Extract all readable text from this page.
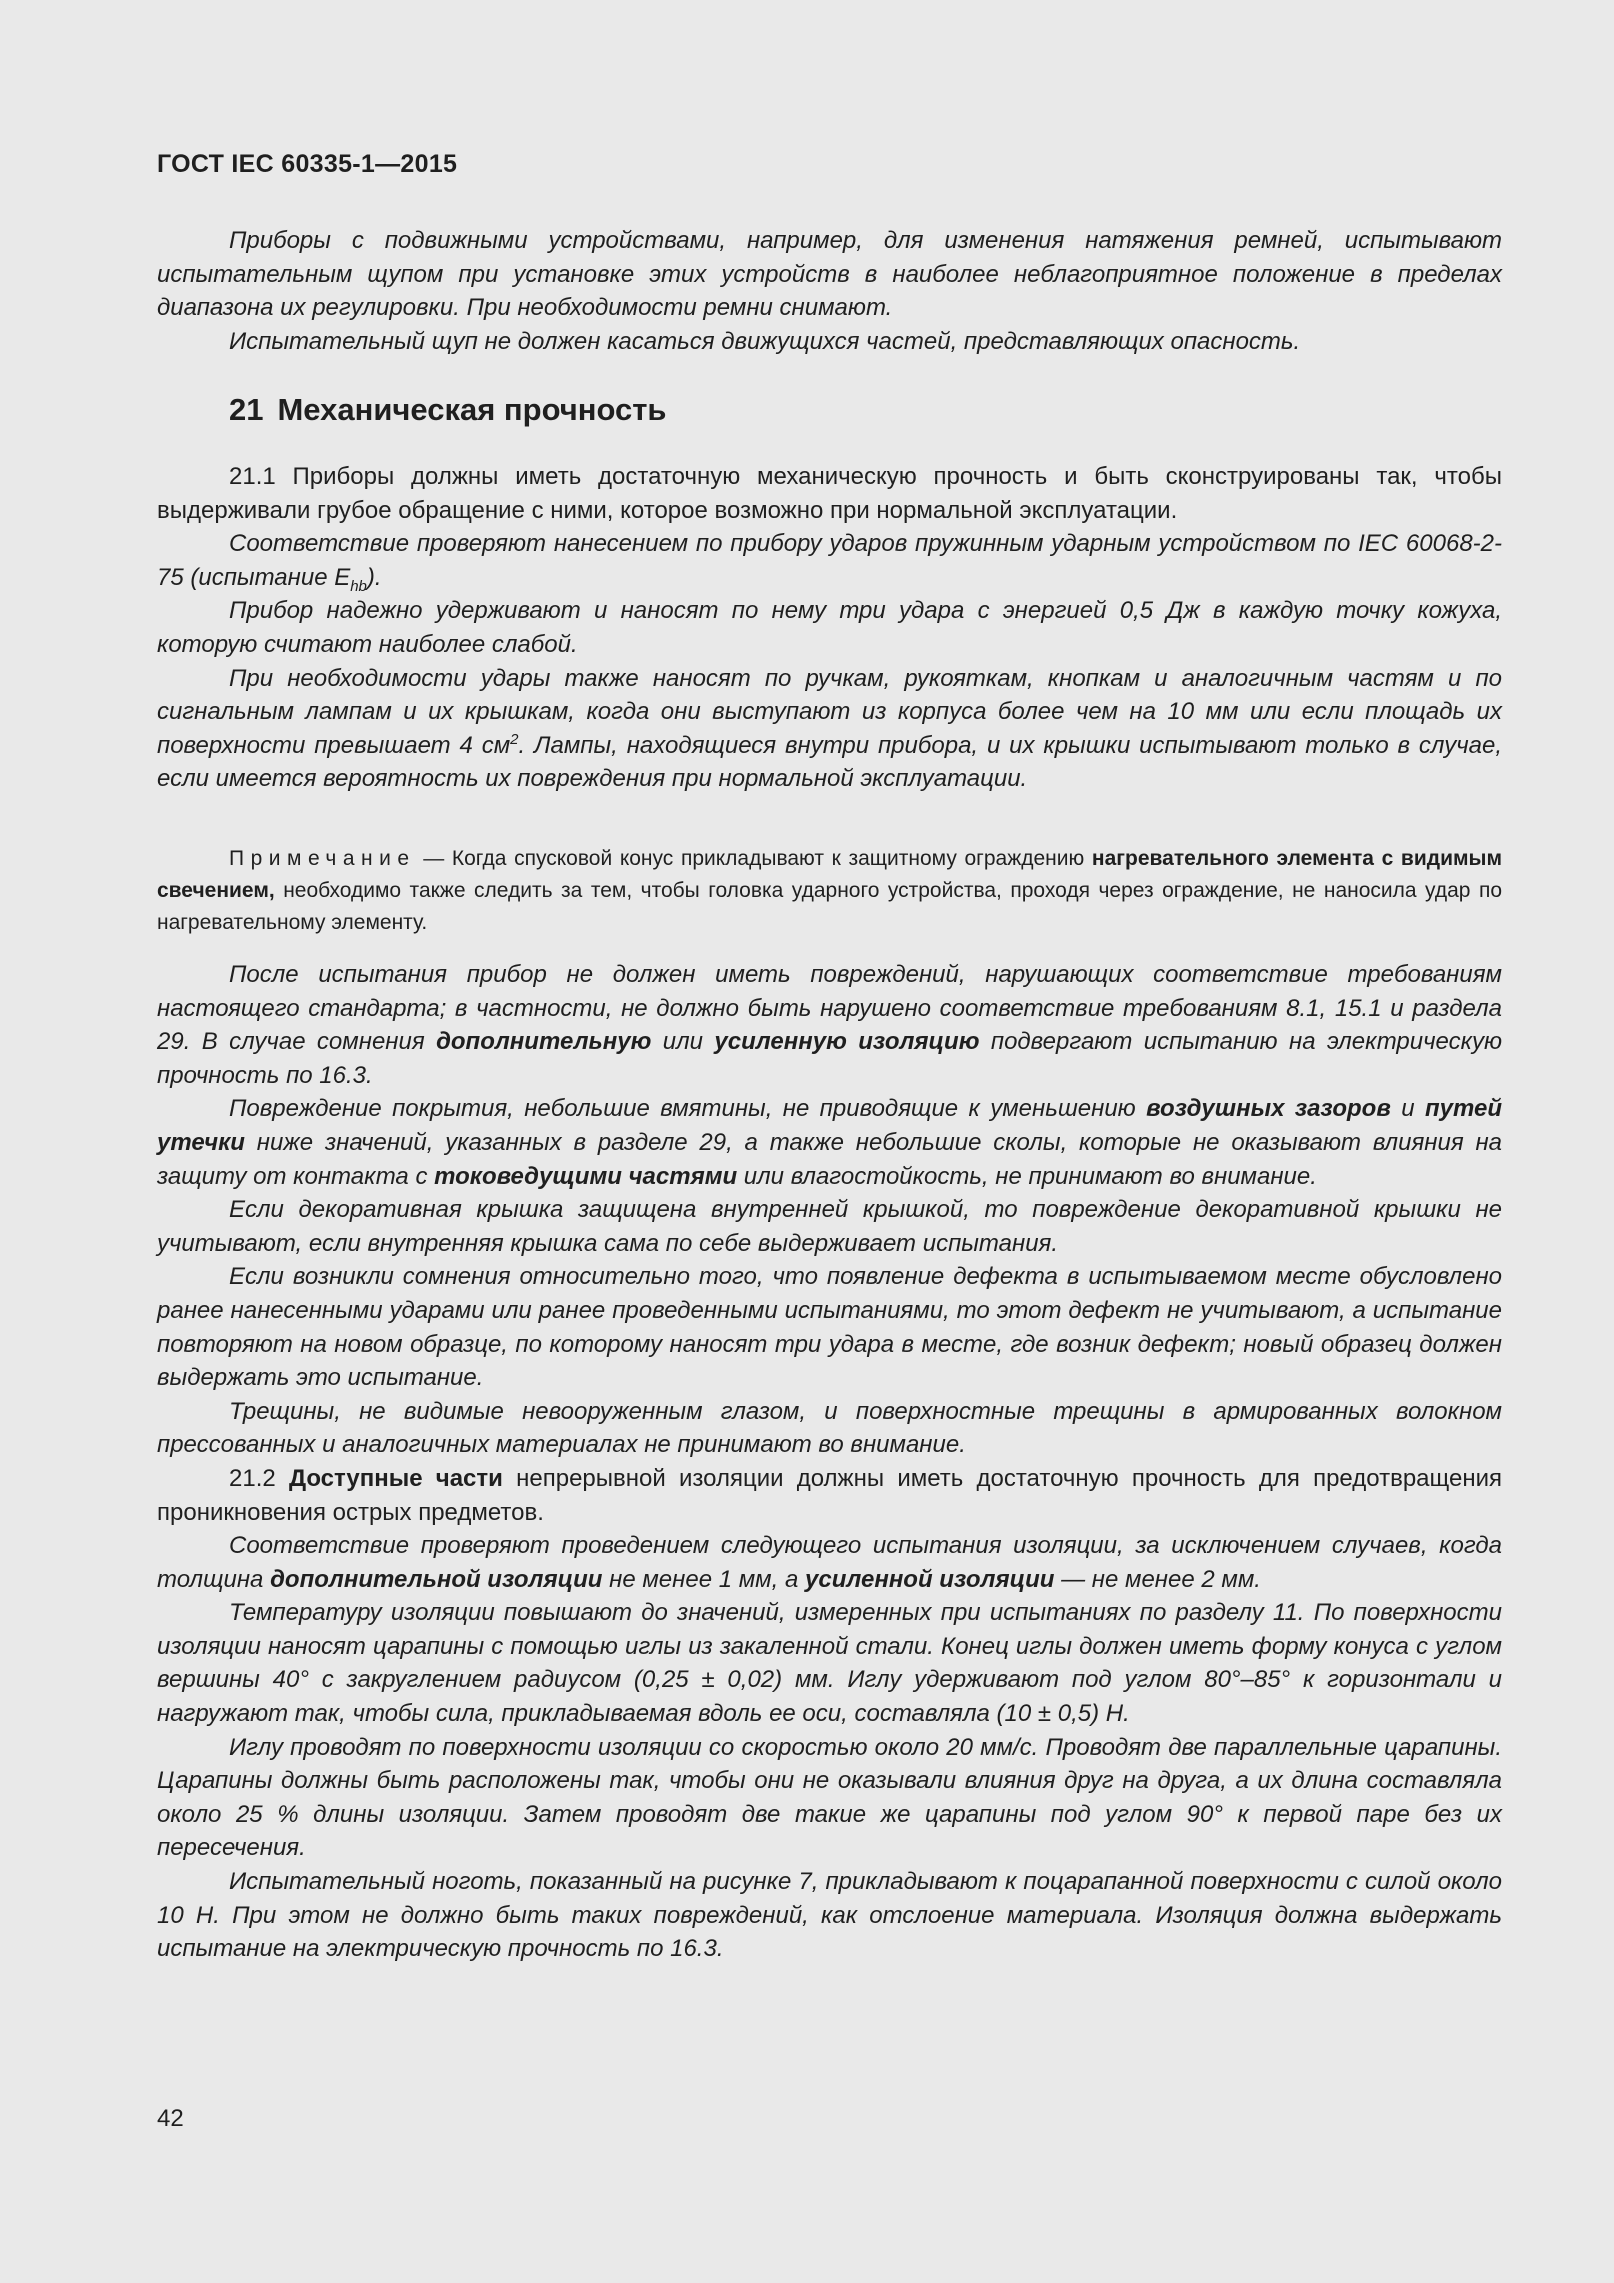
ГОСТ IEC 60335-1—2015

Приборы с подвижными устройствами, например, для изменения натяжения ремней, испытывают испытательным щупом при установке этих устройств в наиболее неблагоприятное положение в пределах диапазона их регулировки. При необходимости ремни снимают.

Испытательный щуп не должен касаться движущихся частей, представляющих опасность.

21 Механическая прочность

21.1 Приборы должны иметь достаточную механическую прочность и быть сконструированы так, чтобы выдерживали грубое обращение с ними, которое возможно при нормальной эксплуатации.

Соответствие проверяют нанесением по прибору ударов пружинным ударным устройством по IEC 60068-2-75 (испытание $E_{hb}$).

Прибор надежно удерживают и наносят по нему три удара с энергией 0,5 Дж в каждую точку кожуха, которую считают наиболее слабой.

При необходимости удары также наносят по ручкам, рукояткам, кнопкам и аналогичным частям и по сигнальным лампам и их крышкам, когда они выступают из корпуса более чем на 10 мм или если площадь их поверхности превышает 4 $см^2$. Лампы, находящиеся внутри прибора, и их крышки испытывают только в случае, если имеется вероятность их повреждения при нормальной эксплуатации.

Примечание — Когда спусковой конус прикладывают к защитному ограждению нагревательного элемента с видимым свечением, необходимо также следить за тем, чтобы головка ударного устройства, проходя через ограждение, не наносила удар по нагревательному элементу.

После испытания прибор не должен иметь повреждений, нарушающих соответствие требованиям настоящего стандарта; в частности, не должно быть нарушено соответствие требованиям 8.1, 15.1 и раздела 29. В случае сомнения дополнительную или усиленную изоляцию подвергают испытанию на электрическую прочность по 16.3.

Повреждение покрытия, небольшие вмятины, не приводящие к уменьшению воздушных зазоров и путей утечки ниже значений, указанных в разделе 29, а также небольшие сколы, которые не оказывают влияния на защиту от контакта с токоведущими частями или влагостойкость, не принимают во внимание.

Если декоративная крышка защищена внутренней крышкой, то повреждение декоративной крышки не учитывают, если внутренняя крышка сама по себе выдерживает испытания.

Если возникли сомнения относительно того, что появление дефекта в испытываемом месте обусловлено ранее нанесенными ударами или ранее проведенными испытаниями, то этот дефект не учитывают, а испытание повторяют на новом образце, по которому наносят три удара в месте, где возник дефект; новый образец должен выдержать это испытание.

Трещины, не видимые невооруженным глазом, и поверхностные трещины в армированных волокном прессованных и аналогичных материалах не принимают во внимание.

21.2 Доступные части непрерывной изоляции должны иметь достаточную прочность для предотвращения проникновения острых предметов.

Соответствие проверяют проведением следующего испытания изоляции, за исключением случаев, когда толщина дополнительной изоляции не менее 1 мм, а усиленной изоляции — не менее 2 мм.

Температуру изоляции повышают до значений, измеренных при испытаниях по разделу 11. По поверхности изоляции наносят царапины с помощью иглы из закаленной стали. Конец иглы должен иметь форму конуса с углом вершины 40° с закруглением радиусом (0,25 ± 0,02) мм. Иглу удерживают под углом 80°–85° к горизонтали и нагружают так, чтобы сила, прикладываемая вдоль ее оси, составляла (10 ± 0,5) Н.

Иглу проводят по поверхности изоляции со скоростью около 20 мм/с. Проводят две параллельные царапины. Царапины должны быть расположены так, чтобы они не оказывали влияния друг на друга, а их длина составляла около 25 % длины изоляции. Затем проводят две такие же царапины под углом 90° к первой паре без их пересечения.

Испытательный ноготь, показанный на рисунке 7, прикладывают к поцарапанной поверхности с силой около 10 Н. При этом не должно быть таких повреждений, как отслоение материала. Изоляция должна выдержать испытание на электрическую прочность по 16.3.

42
